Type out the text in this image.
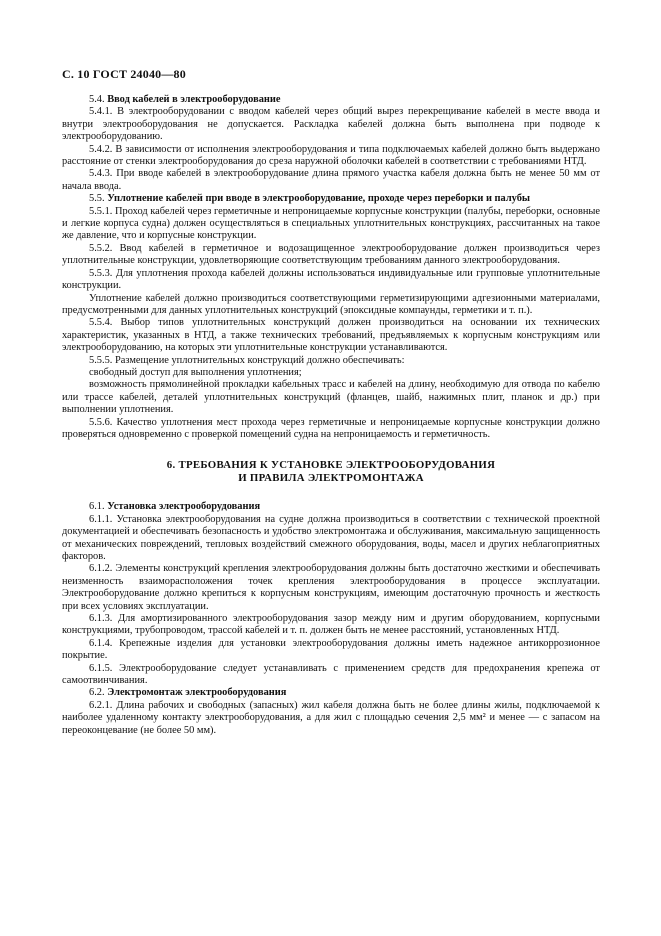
С. 10 ГОСТ 24040—80

5.4. Ввод кабелей в электрооборудование

5.4.1. В электрооборудовании с вводом кабелей через общий вырез перекрещивание кабелей в месте ввода и внутри электрооборудования не допускается. Раскладка кабелей должна быть выполнена при подводе к электрооборудованию.

5.4.2. В зависимости от исполнения электрооборудования и типа подключаемых кабелей должно быть выдержано расстояние от стенки электрооборудования до среза наружной оболочки кабелей в соответствии с требованиями НТД.

5.4.3. При вводе кабелей в электрооборудование длина прямого участка кабеля должна быть не менее 50 мм от начала ввода.

5.5. Уплотнение кабелей при вводе в электрооборудование, проходе через переборки и палубы

5.5.1. Проход кабелей через герметичные и непроницаемые корпусные конструкции (палубы, переборки, основные и легкие корпуса судна) должен осуществляться в специальных уплотнительных конструкциях, рассчитанных на такое же давление, что и корпусные конструкции.

5.5.2. Ввод кабелей в герметичное и водозащищенное электрооборудование должен производиться через уплотнительные конструкции, удовлетворяющие соответствующим требованиям данного электрооборудования.

5.5.3. Для уплотнения прохода кабелей должны использоваться индивидуальные или групповые уплотнительные конструкции.

Уплотнение кабелей должно производиться соответствующими герметизирующими адгезионными материалами, предусмотренными для данных уплотнительных конструкций (эпоксидные компаунды, герметики и т. п.).

5.5.4. Выбор типов уплотнительных конструкций должен производиться на основании их технических характеристик, указанных в НТД, а также технических требований, предъявляемых к корпусным конструкциям или электрооборудованию, на которых эти уплотнительные конструкции устанавливаются.

5.5.5. Размещение уплотнительных конструкций должно обеспечивать:

свободный доступ для выполнения уплотнения;

возможность прямолинейной прокладки кабельных трасс и кабелей на длину, необходимую для отвода по кабелю или трассе кабелей, деталей уплотнительных конструкций (фланцев, шайб, нажимных плит, планок и др.) при выполнении уплотнения.

5.5.6. Качество уплотнения мест прохода через герметичные и непроницаемые корпусные конструкции должно проверяться одновременно с проверкой помещений судна на непроницаемость и герметичность.

6. ТРЕБОВАНИЯ К УСТАНОВКЕ ЭЛЕКТРООБОРУДОВАНИЯ
И ПРАВИЛА ЭЛЕКТРОМОНТАЖА

6.1. Установка электрооборудования

6.1.1. Установка электрооборудования на судне должна производиться в соответствии с технической проектной документацией и обеспечивать безопасность и удобство электромонтажа и обслуживания, максимальную защищенность от механических повреждений, тепловых воздействий смежного оборудования, воды, масел и других неблагоприятных факторов.

6.1.2. Элементы конструкций крепления электрооборудования должны быть достаточно жесткими и обеспечивать неизменность взаиморасположения точек крепления электрооборудования в процессе эксплуатации. Электрооборудование должно крепиться к корпусным конструкциям, имеющим достаточную прочность и жесткость при всех условиях эксплуатации.

6.1.3. Для амортизированного электрооборудования зазор между ним и другим оборудованием, корпусными конструкциями, трубопроводом, трассой кабелей и т. п. должен быть не менее расстояний, установленных НТД.

6.1.4. Крепежные изделия для установки электрооборудования должны иметь надежное антикоррозионное покрытие.

6.1.5. Электрооборудование следует устанавливать с применением средств для предохранения крепежа от самоотвинчивания.

6.2. Электромонтаж электрооборудования

6.2.1. Длина рабочих и свободных (запасных) жил кабеля должна быть не более длины жилы, подключаемой к наиболее удаленному контакту электрооборудования, а для жил с площадью сечения 2,5 мм² и менее — с запасом на переоконцевание (не более 50 мм).
